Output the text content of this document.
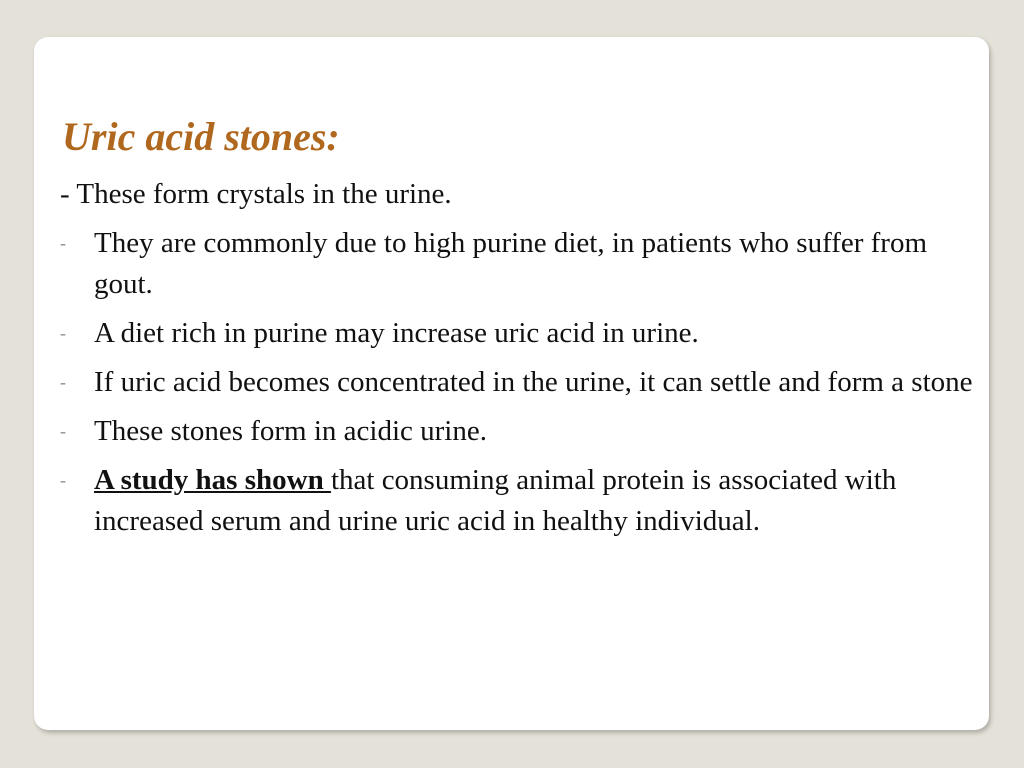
Uric acid stones:
- These form crystals in the urine.
- They are commonly due to high purine diet, in patients who suffer from gout.
- A diet rich in purine may increase uric acid in urine.
- If uric acid becomes concentrated in the urine, it can settle and form a stone
- These stones form in acidic urine.
- A study has shown that consuming animal protein is associated with increased serum and urine uric acid in healthy individual.
